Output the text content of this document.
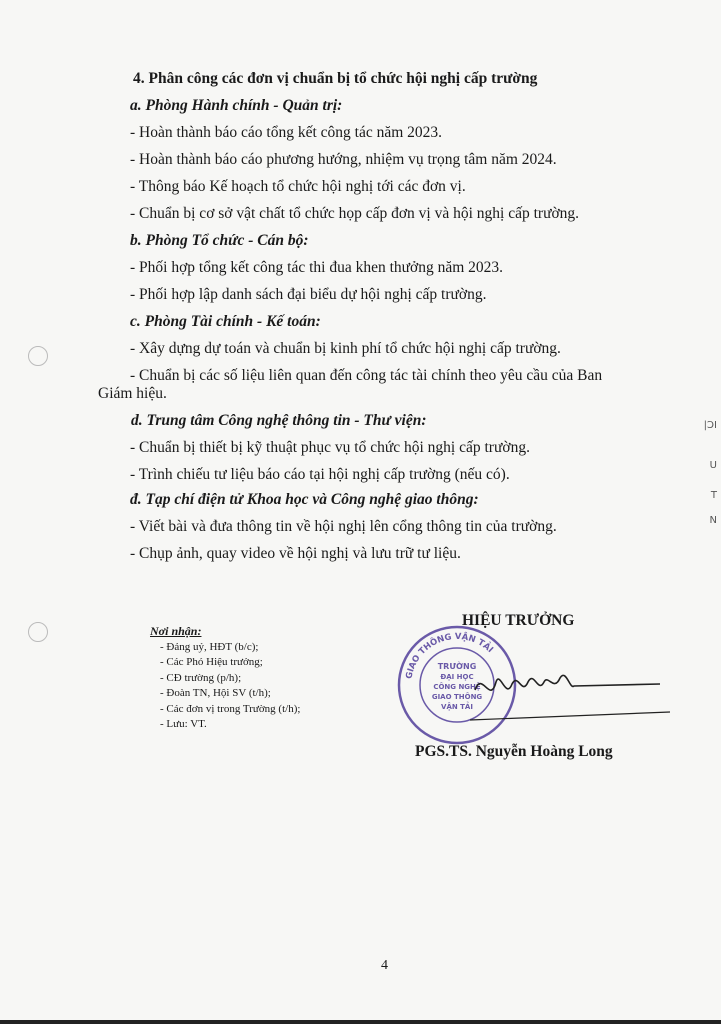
|ƆI
U
T
N
4. Phân công các đơn vị chuẩn bị tổ chức hội nghị cấp trường
a. Phòng Hành chính - Quản trị:
- Hoàn thành báo cáo tổng kết công tác năm 2023.
- Hoàn thành báo cáo phương hướng, nhiệm vụ trọng tâm năm 2024.
- Thông báo Kế hoạch tổ chức hội nghị tới các đơn vị.
- Chuẩn bị cơ sở vật chất tổ chức họp cấp đơn vị và hội nghị cấp trường.
b. Phòng Tổ chức - Cán bộ:
- Phối hợp tổng kết công tác thi đua khen thưởng năm 2023.
- Phối hợp lập danh sách đại biểu dự hội nghị cấp trường.
c. Phòng Tài chính - Kế toán:
- Xây dựng dự toán và chuẩn bị kinh phí tổ chức hội nghị cấp trường.
- Chuẩn bị các số liệu liên quan đến công tác tài chính theo yêu cầu của Ban
Giám hiệu.
d. Trung tâm Công nghệ thông tin - Thư viện:
- Chuẩn bị thiết bị kỹ thuật phục vụ tổ chức hội nghị cấp trường.
- Trình chiếu tư liệu báo cáo tại hội nghị cấp trường (nếu có).
đ. Tạp chí điện tử Khoa học và Công nghệ giao thông:
- Viết bài và đưa thông tin về hội nghị lên cổng thông tin của trường.
- Chụp ảnh, quay video về hội nghị và lưu trữ tư liệu.
Nơi nhận:
- Đảng uỷ, HĐT (b/c);
- Các Phó Hiệu trưởng;
- CĐ trường (p/h);
- Đoàn TN, Hội SV (t/h);
- Các đơn vị trong Trường (t/h);
- Lưu: VT.
HIỆU TRƯỞNG
GIAO THÔNG VẬN TẢI
TRƯỜNG
ĐẠI HỌC
CÔNG NGHỆ
GIAO THÔNG
VẬN TẢI
PGS.TS. Nguyễn Hoàng Long
4
